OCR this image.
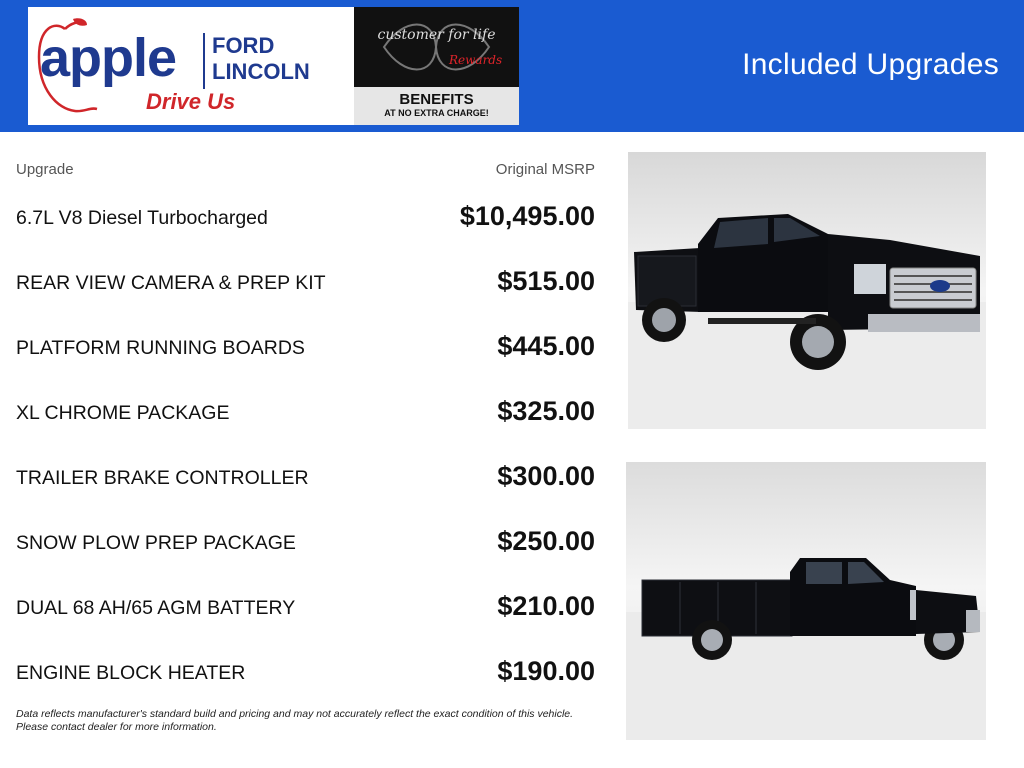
apple FORD
LINCOLN
Drive Us
customer for life
Rewards
BENEFITS
AT NO EXTRA CHARGE!
Included Upgrades
Upgrade	Original MSRP
6.7L V8 Diesel Turbocharged	$10,495.00
REAR VIEW CAMERA & PREP KIT	$515.00
PLATFORM RUNNING BOARDS	$445.00
XL CHROME PACKAGE	$325.00
TRAILER BRAKE CONTROLLER	$300.00
SNOW PLOW PREP PACKAGE	$250.00
DUAL 68 AH/65 AGM BATTERY	$210.00
ENGINE BLOCK HEATER	$190.00
Data reflects manufacturer's standard build and pricing and may not accurately reflect the exact condition of this vehicle.
Please contact dealer for more information.
